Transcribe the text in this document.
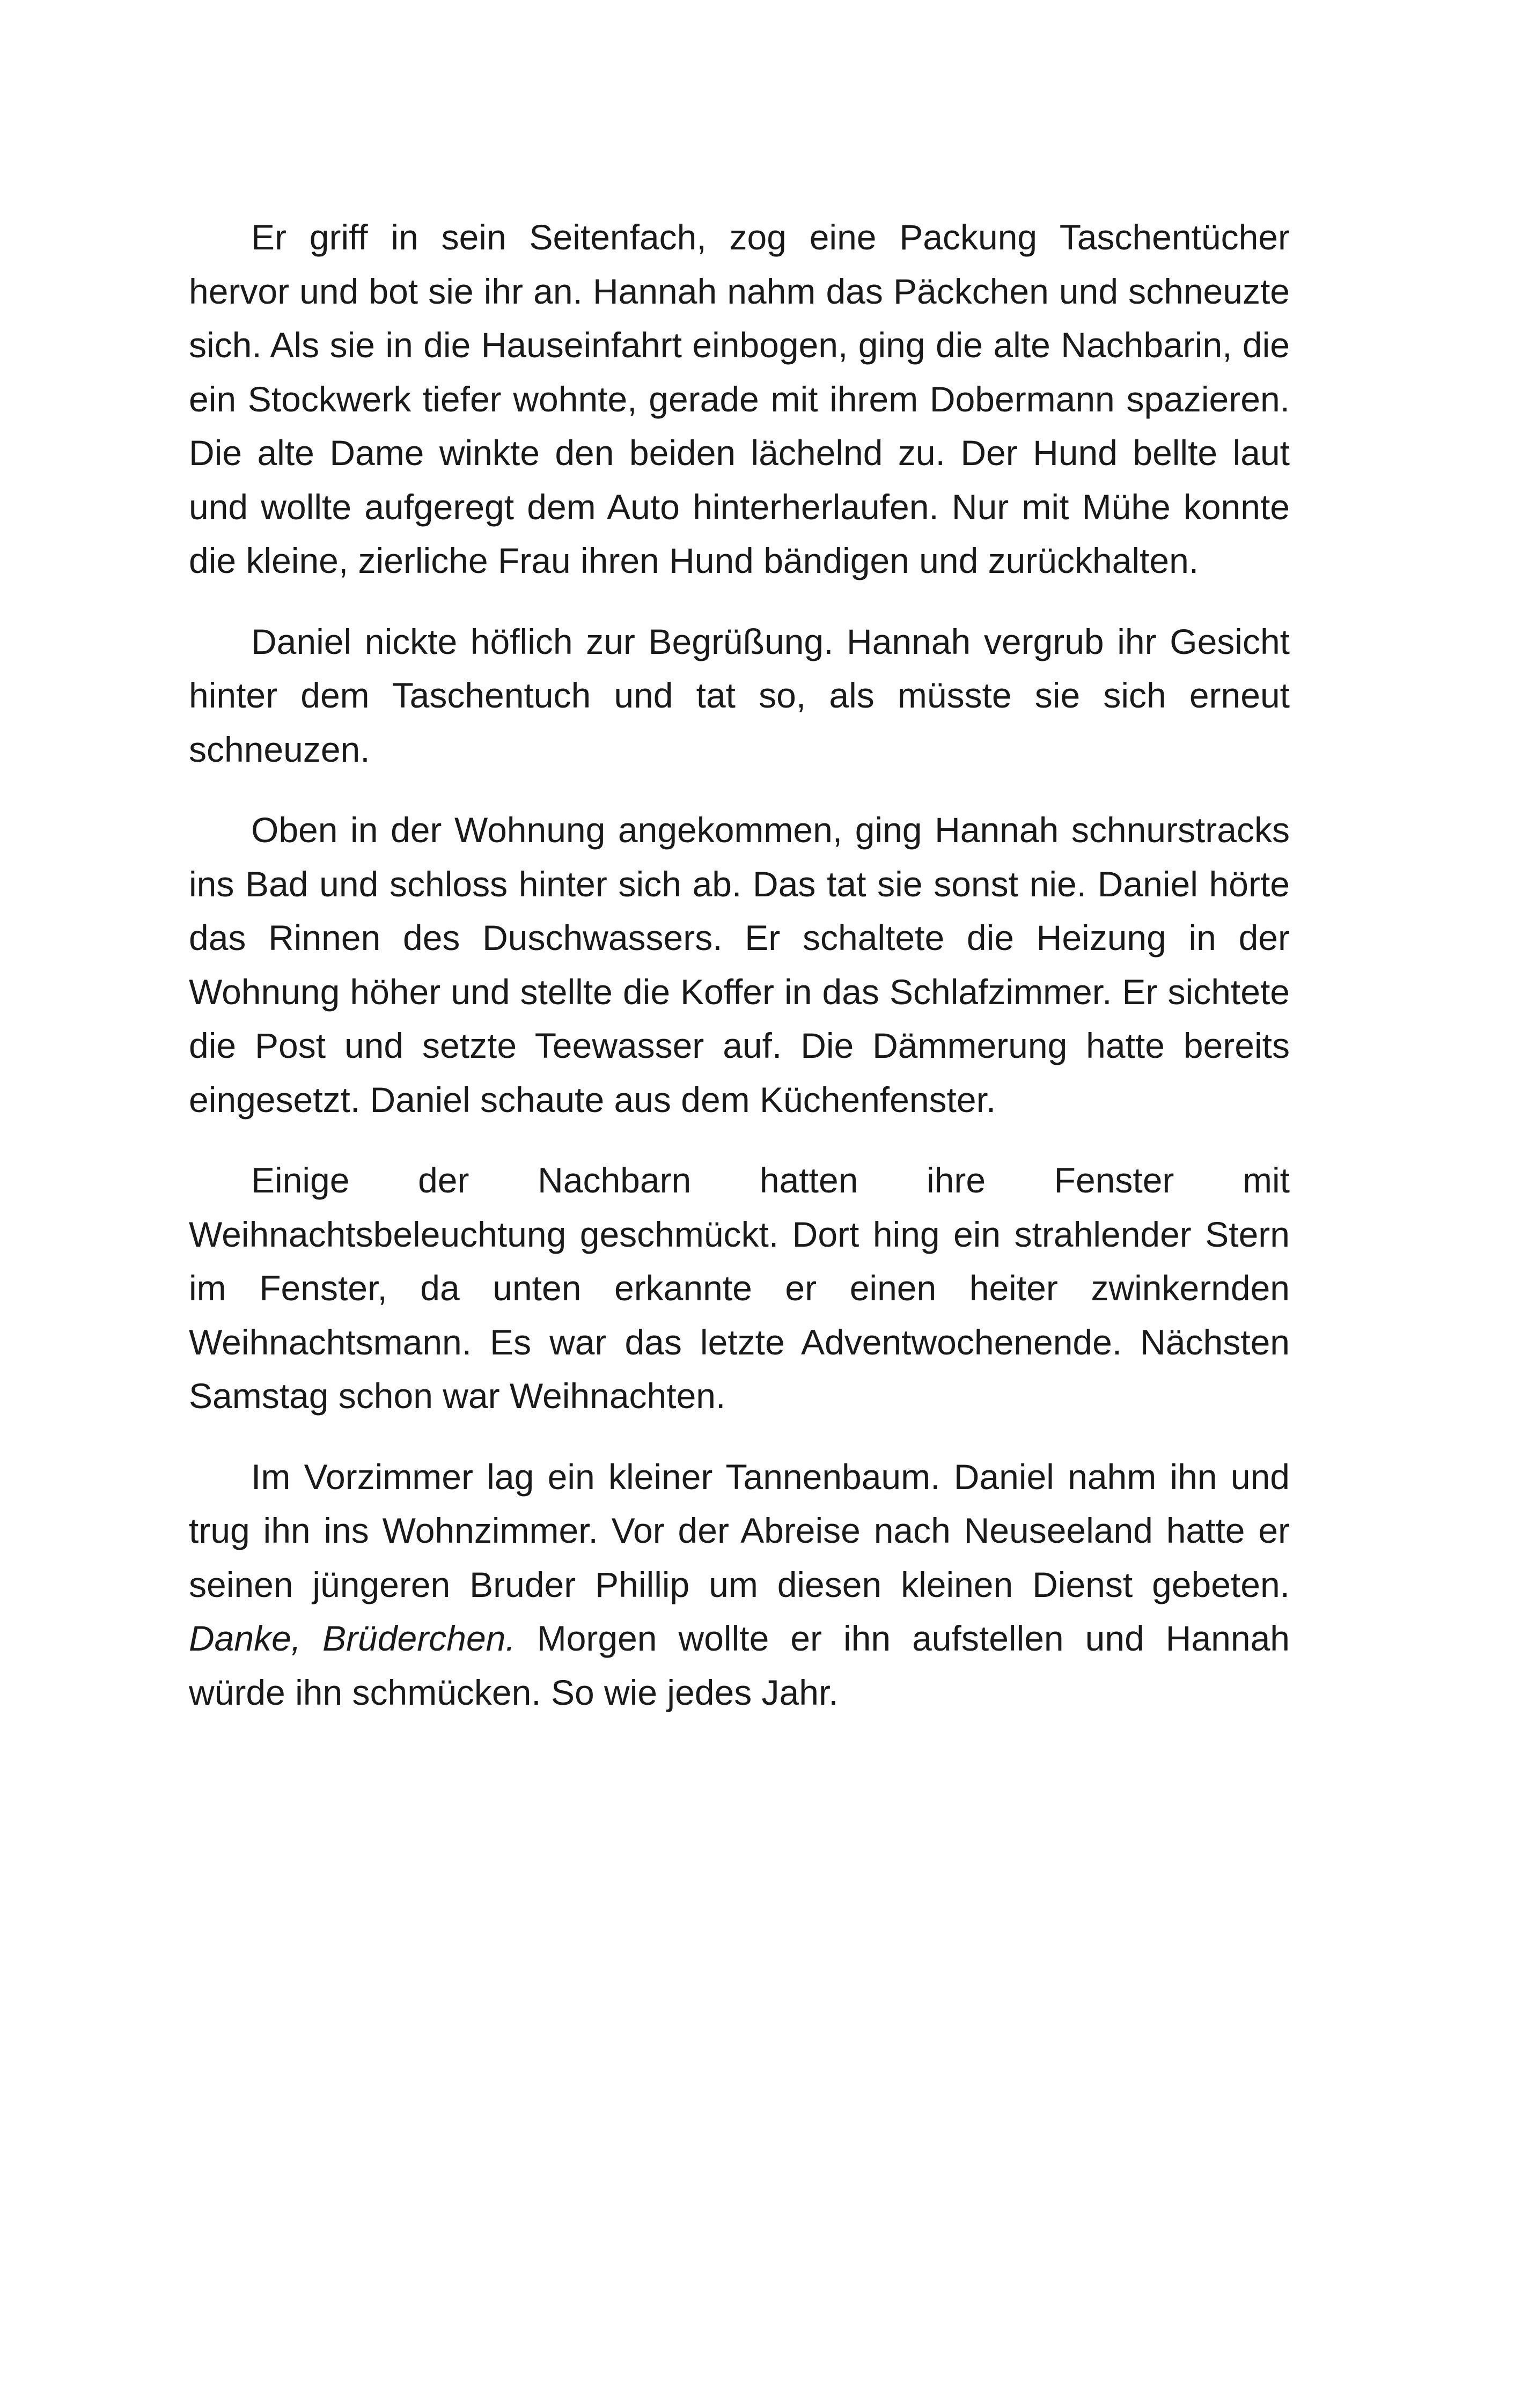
Er griff in sein Seitenfach, zog eine Packung Taschentücher hervor und bot sie ihr an. Hannah nahm das Päckchen und schneuzte sich. Als sie in die Hauseinfahrt einbogen, ging die alte Nachbarin, die ein Stockwerk tiefer wohnte, gerade mit ihrem Dobermann spazieren. Die alte Dame winkte den beiden lächelnd zu. Der Hund bellte laut und wollte aufgeregt dem Auto hinterherlaufen. Nur mit Mühe konnte die kleine, zierliche Frau ihren Hund bändigen und zurückhalten.

Daniel nickte höflich zur Begrüßung. Hannah vergrub ihr Gesicht hinter dem Taschentuch und tat so, als müsste sie sich erneut schneuzen.

Oben in der Wohnung angekommen, ging Hannah schnurstracks ins Bad und schloss hinter sich ab. Das tat sie sonst nie. Daniel hörte das Rinnen des Duschwassers. Er schaltete die Heizung in der Wohnung höher und stellte die Koffer in das Schlafzimmer. Er sichtete die Post und setzte Teewasser auf. Die Dämmerung hatte bereits eingesetzt. Daniel schaute aus dem Küchenfenster.

Einige der Nachbarn hatten ihre Fenster mit Weihnachtsbeleuchtung geschmückt. Dort hing ein strahlender Stern im Fenster, da unten erkannte er einen heiter zwinkernden Weihnachtsmann. Es war das letzte Adventwochenende. Nächsten Samstag schon war Weihnachten.

Im Vorzimmer lag ein kleiner Tannenbaum. Daniel nahm ihn und trug ihn ins Wohnzimmer. Vor der Abreise nach Neuseeland hatte er seinen jüngeren Bruder Phillip um diesen kleinen Dienst gebeten. Danke, Brüderchen. Morgen wollte er ihn aufstellen und Hannah würde ihn schmücken. So wie jedes Jahr.
